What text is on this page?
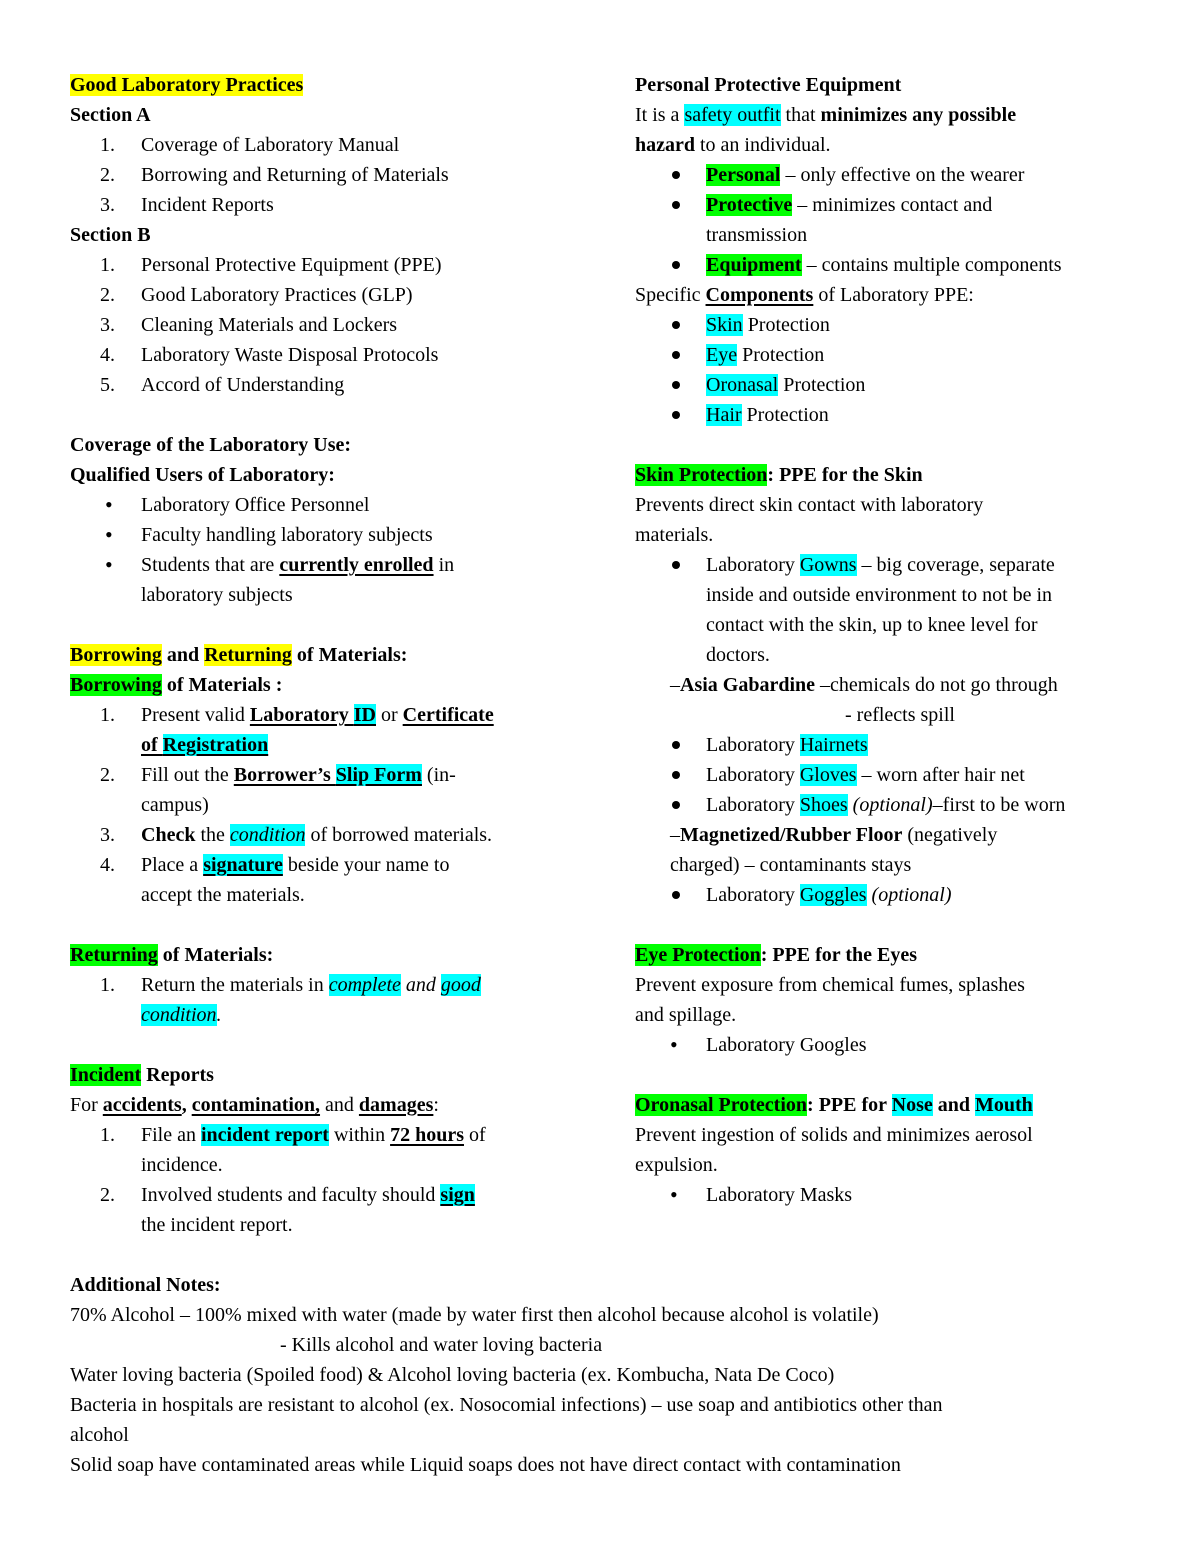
Good Laboratory Practices
Section A
1. Coverage of Laboratory Manual
2. Borrowing and Returning of Materials
3. Incident Reports
Section B
1. Personal Protective Equipment (PPE)
2. Good Laboratory Practices (GLP)
3. Cleaning Materials and Lockers
4. Laboratory Waste Disposal Protocols
5. Accord of Understanding
Coverage of the Laboratory Use:
Qualified Users of Laboratory:
• Laboratory Office Personnel
• Faculty handling laboratory subjects
• Students that are currently enrolled in
laboratory subjects
Borrowing and Returning of Materials:
Borrowing of Materials :
1. Present valid Laboratory ID or Certificate
of Registration
2. Fill out the Borrower’s Slip Form (in-
campus)
3. Check the condition of borrowed materials.
4. Place a signature beside your name to
accept the materials.
Returning of Materials:
1. Return the materials in complete and good
condition.
Incident Reports
For accidents, contamination, and damages:
1. File an incident report within 72 hours of
incidence.
2. Involved students and faculty should sign
the incident report.
Personal Protective Equipment
It is a safety outfit that minimizes any possible
hazard to an individual.
Personal – only effective on the wearer
Protective – minimizes contact and
transmission
Equipment – contains multiple components
Specific Components of Laboratory PPE:
Skin Protection
Eye Protection
Oronasal Protection
Hair Protection
Skin Protection: PPE for the Skin
Prevents direct skin contact with laboratory
materials.
Laboratory Gowns – big coverage, separate
inside and outside environment to not be in
contact with the skin, up to knee level for
doctors.
–Asia Gabardine –chemicals do not go through
- reflects spill
Laboratory Hairnets
Laboratory Gloves – worn after hair net
Laboratory Shoes (optional)–first to be worn
–Magnetized/Rubber Floor (negatively
charged) – contaminants stays
Laboratory Goggles (optional)
Eye Protection: PPE for the Eyes
Prevent exposure from chemical fumes, splashes
and spillage.
• Laboratory Googles
Oronasal Protection: PPE for Nose and Mouth
Prevent ingestion of solids and minimizes aerosol
expulsion.
• Laboratory Masks
Additional Notes:
70% Alcohol – 100% mixed with water (made by water first then alcohol because alcohol is volatile)
- Kills alcohol and water loving bacteria
Water loving bacteria (Spoiled food) & Alcohol loving bacteria (ex. Kombucha, Nata De Coco)
Bacteria in hospitals are resistant to alcohol (ex. Nosocomial infections) – use soap and antibiotics other than
alcohol
Solid soap have contaminated areas while Liquid soaps does not have direct contact with contamination
